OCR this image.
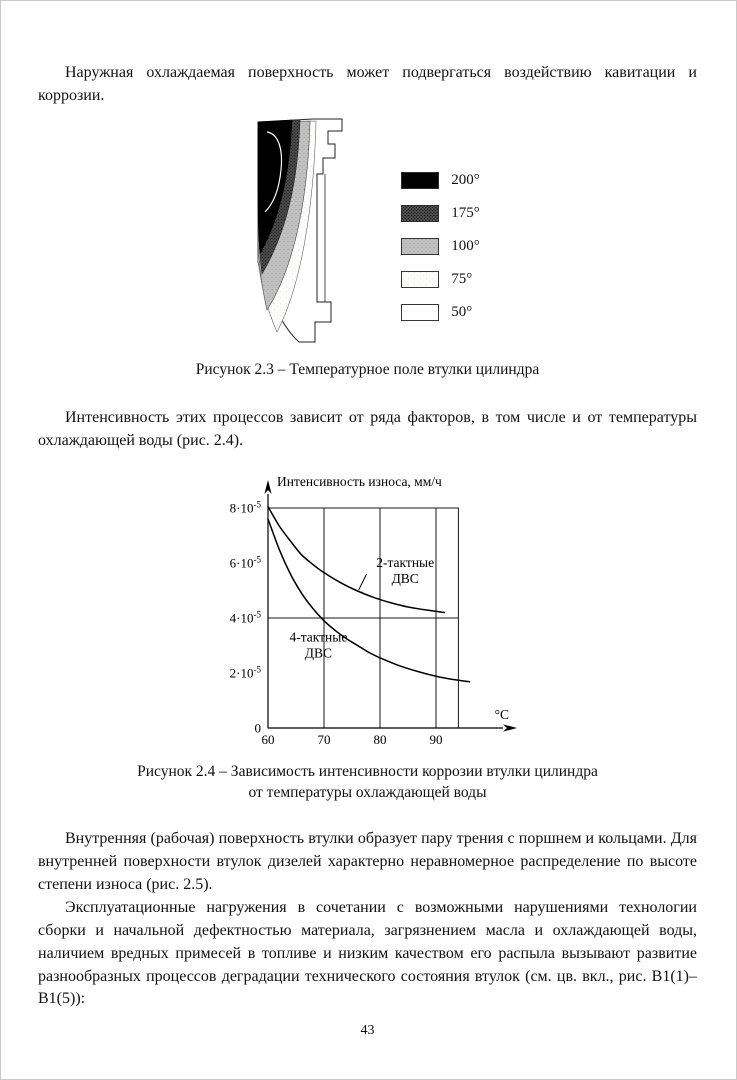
Наружная охлаждаемая поверхность может подвергаться воздействию кавитации и коррозии.

200°
175°
100°
75°
50°
Рисунок 2.3 – Температурное поле втулки цилиндра

Интенсивность этих процессов зависит от ряда факторов, в том числе и от температуры охлаждающей воды (рис. 2.4).

Интенсивность износа, мм/ч
°C
$8\cdot 10^{-5}$
$6\cdot 10^{-5}$
$4\cdot 10^{-5}$
$2\cdot 10^{-5}$
0
60	70	80	90
2-тактные
ДВС
4-тактные
ДВС
Рисунок 2.4 – Зависимость интенсивности коррозии втулки цилиндра
от температуры охлаждающей воды

Внутренняя (рабочая) поверхность втулки образует пару трения с поршнем и кольцами. Для внутренней поверхности втулок дизелей характерно неравномерное распределение по высоте степени износа (рис. 2.5).

Эксплуатационные нагружения в сочетании с возможными нарушениями технологии сборки и начальной дефектностью материала, загрязнением масла и охлаждающей воды, наличием вредных примесей в топливе и низким качеством его распыла вызывают развитие разнообразных процессов деградации технического состояния втулок (см. цв. вкл., рис. В1(1)–В1(5)):

43
